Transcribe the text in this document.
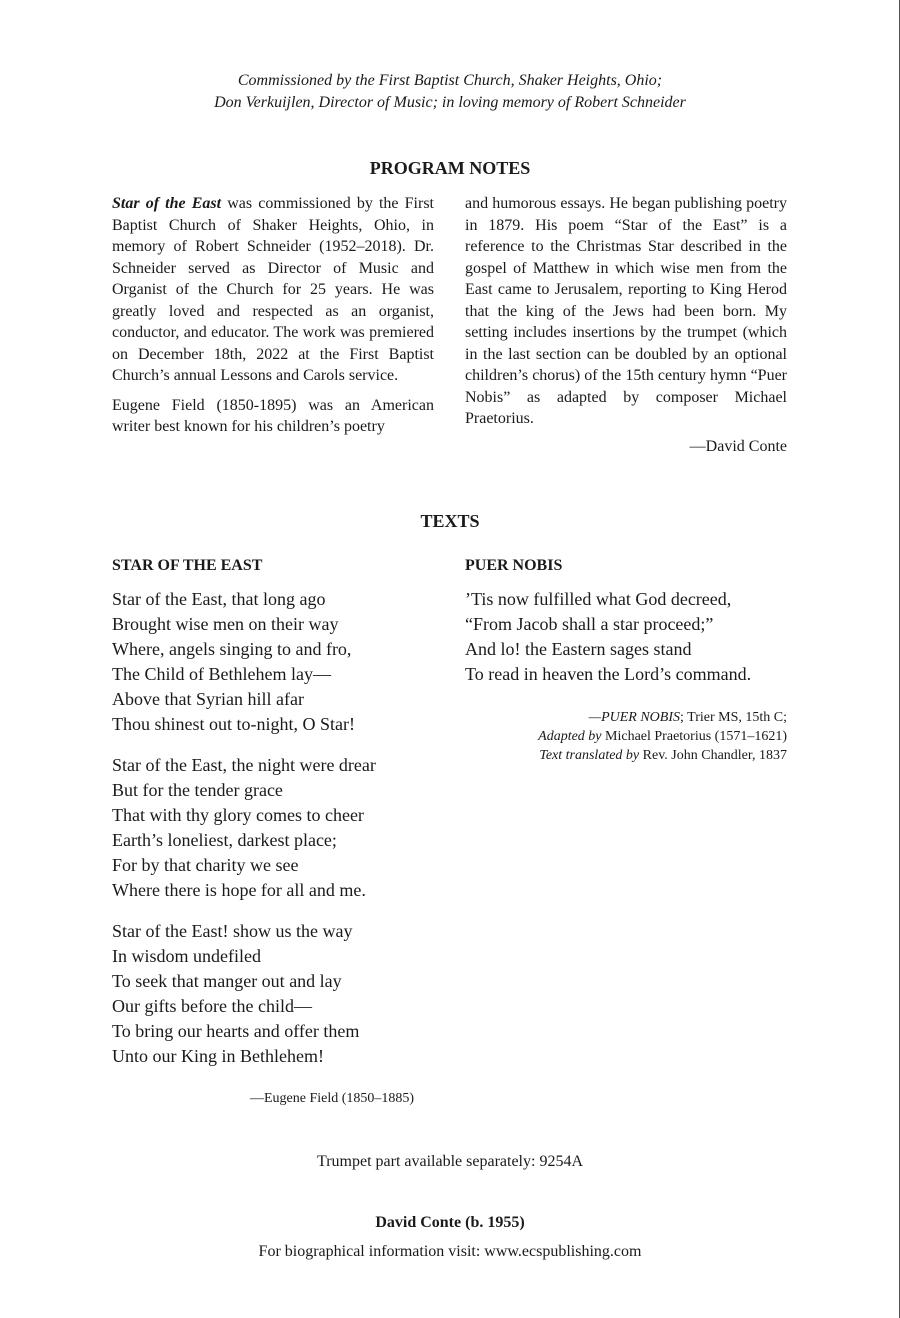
Commissioned by the First Baptist Church, Shaker Heights, Ohio;
Don Verkuijlen, Director of Music; in loving memory of Robert Schneider
PROGRAM NOTES

Star of the East was commissioned by the First Baptist Church of Shaker Heights, Ohio, in memory of Robert Schneider (1952–2018). Dr. Schneider served as Director of Music and Organist of the Church for 25 years. He was greatly loved and respected as an organist, conductor, and educator. The work was premiered on December 18th, 2022 at the First Baptist Church’s annual Lessons and Carols service.

Eugene Field (1850-1895) was an American writer best known for his children’s poetry

and humorous essays. He began publishing poetry in 1879. His poem “Star of the East” is a reference to the Christmas Star described in the gospel of Matthew in which wise men from the East came to Jerusalem, reporting to King Herod that the king of the Jews had been born. My setting includes insertions by the trumpet (which in the last section can be doubled by an optional children’s chorus) of the 15th century hymn “Puer Nobis” as adapted by composer Michael Praetorius.

—David Conte
TEXTS
STAR OF THE EAST	PUER NOBIS
Star of the East, that long ago
Brought wise men on their way
Where, angels singing to and fro,
The Child of Bethlehem lay—
Above that Syrian hill afar
Thou shinest out to-night, O Star!
Star of the East, the night were drear
But for the tender grace
That with thy glory comes to cheer
Earth’s loneliest, darkest place;
For by that charity we see
Where there is hope for all and me.
Star of the East! show us the way
In wisdom undefiled
To seek that manger out and lay
Our gifts before the child—
To bring our hearts and offer them
Unto our King in Bethlehem!
—Eugene Field (1850–1885)
’Tis now fulfilled what God decreed,
“From Jacob shall a star proceed;”
And lo! the Eastern sages stand
To read in heaven the Lord’s command.
—PUER NOBIS; Trier MS, 15th C;
Adapted by Michael Praetorius (1571–1621)
Text translated by Rev. John Chandler, 1837
Trumpet part available separately: 9254A
David Conte (b. 1955)
For biographical information visit: www.ecspublishing.com
